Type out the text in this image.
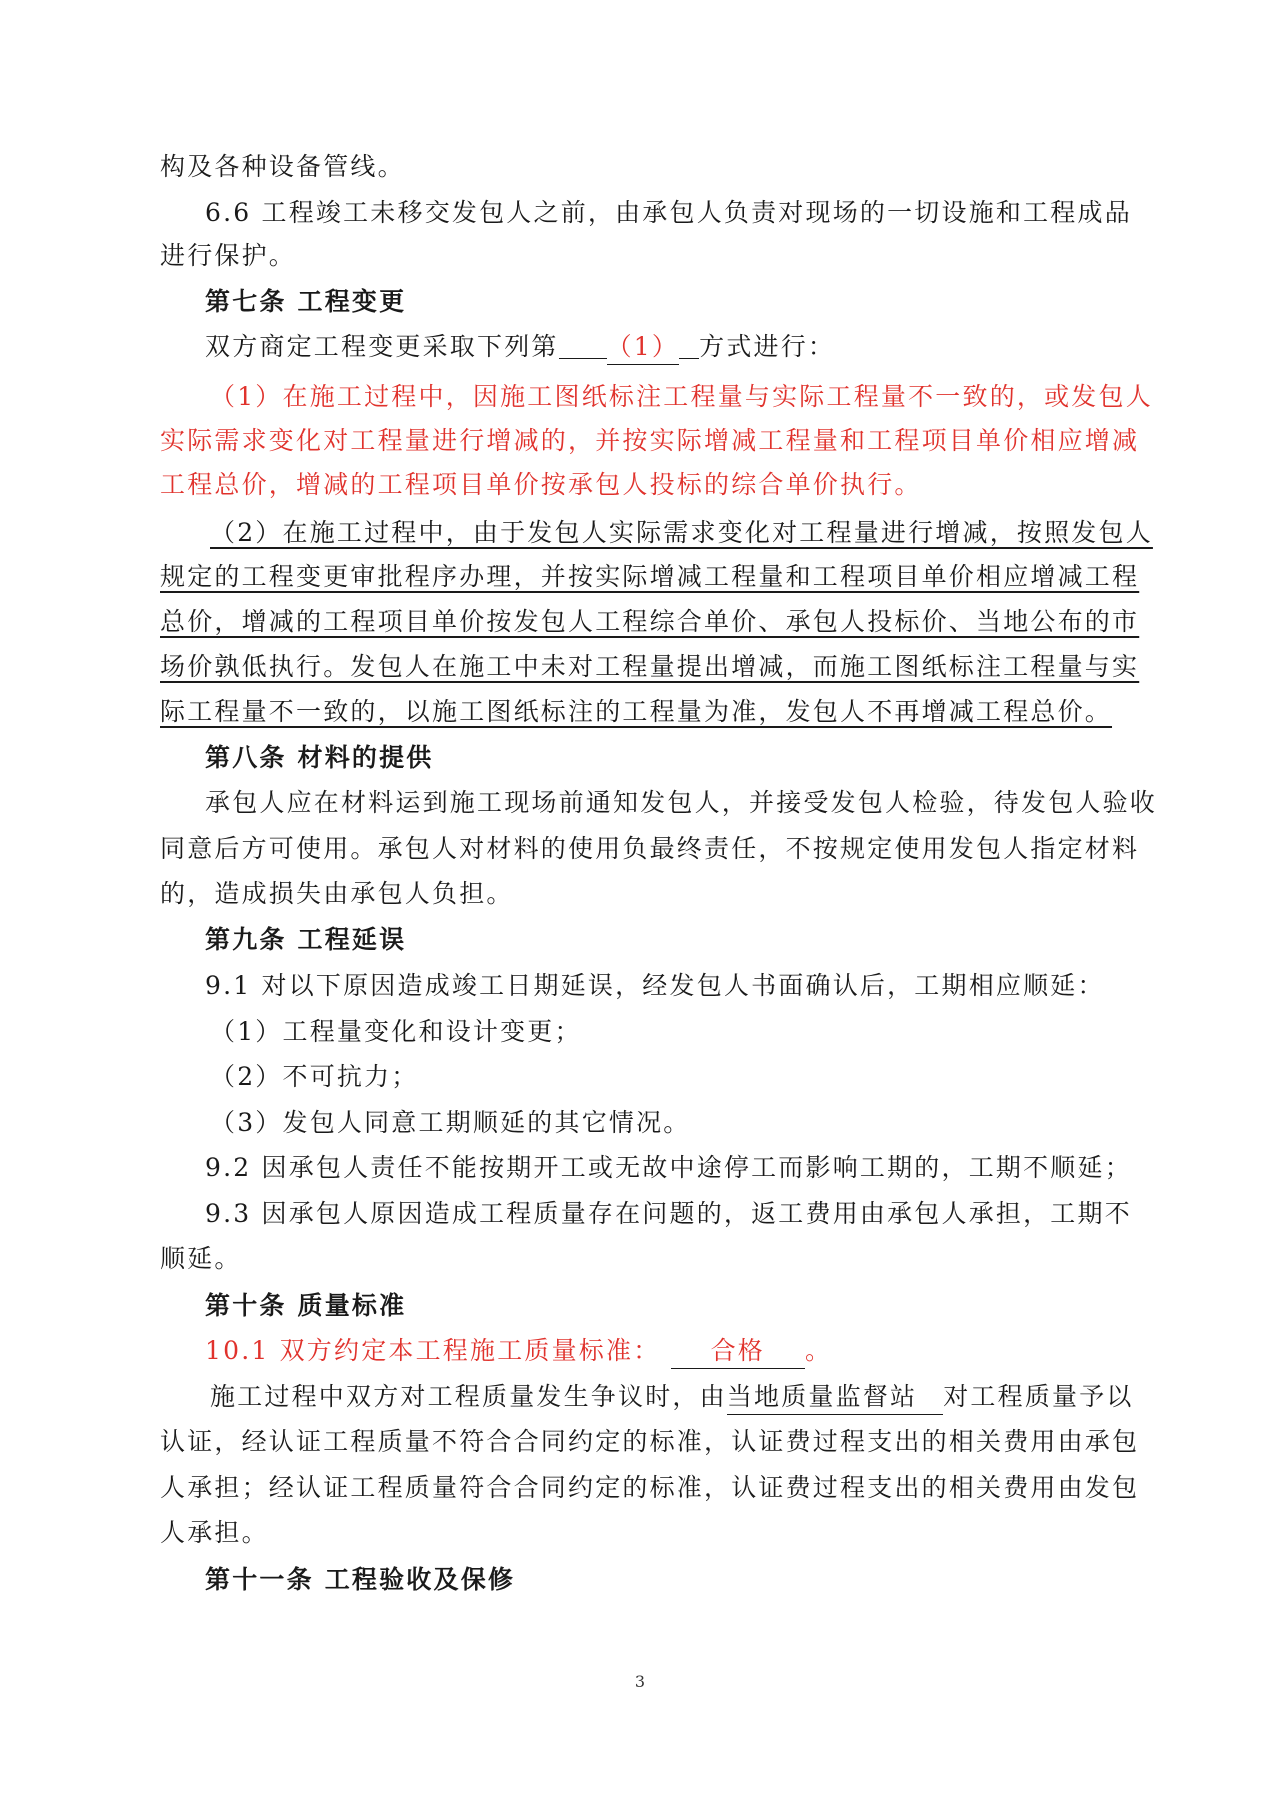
构及各种设备管线。
6.6 工程竣工未移交发包人之前，由承包人负责对现场的一切设施和工程成品
进行保护。
第七条 工程变更
双方商定工程变更采取下列第 （1） 方式进行：
（1）在施工过程中，因施工图纸标注工程量与实际工程量不一致的，或发包人
实际需求变化对工程量进行增减的，并按实际增减工程量和工程项目单价相应增减
工程总价，增减的工程项目单价按承包人投标的综合单价执行。
（2）在施工过程中，由于发包人实际需求变化对工程量进行增减，按照发包人
规定的工程变更审批程序办理，并按实际增减工程量和工程项目单价相应增减工程
总价，增减的工程项目单价按发包人工程综合单价、承包人投标价、当地公布的市
场价孰低执行。发包人在施工中未对工程量提出增减，而施工图纸标注工程量与实
际工程量不一致的，以施工图纸标注的工程量为准，发包人不再增减工程总价。
第八条 材料的提供
承包人应在材料运到施工现场前通知发包人，并接受发包人检验，待发包人验收
同意后方可使用。承包人对材料的使用负最终责任，不按规定使用发包人指定材料
的，造成损失由承包人负担。
第九条 工程延误
9.1 对以下原因造成竣工日期延误，经发包人书面确认后，工期相应顺延：
（1）工程量变化和设计变更；
（2）不可抗力；
（3）发包人同意工期顺延的其它情况。
9.2 因承包人责任不能按期开工或无故中途停工而影响工期的，工期不顺延；
9.3 因承包人原因造成工程质量存在问题的，返工费用由承包人承担，工期不
顺延。
第十条 质量标准
10.1 双方约定本工程施工质量标准： 合格 。
施工过程中双方对工程质量发生争议时，由当地质量监督站 对工程质量予以
认证，经认证工程质量不符合合同约定的标准，认证费过程支出的相关费用由承包
人承担；经认证工程质量符合合同约定的标准，认证费过程支出的相关费用由发包
人承担。
第十一条 工程验收及保修
3
